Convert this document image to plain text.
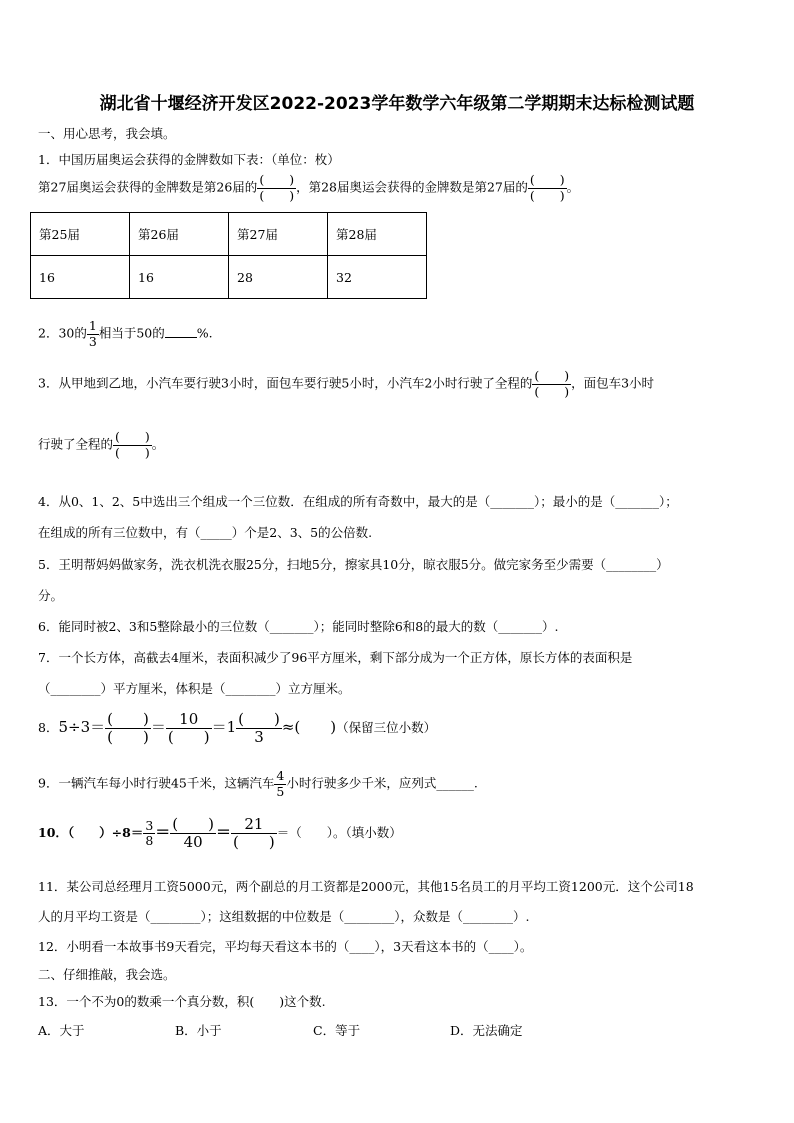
湖北省十堰经济开发区2022-2023学年数学六年级第二学期期末达标检测试题
一、用心思考，我会填。
1．中国历届奥运会获得的金牌数如下表：（单位：枚）
第27届奥运会获得的金牌数是第26届的 $\frac{( )}{( )}$ ，第28届奥运会获得的金牌数是第27届的 $\frac{( )}{( )}$ 。
第25届	第26届	第27届	第28届
16	16	28	32
2．30的 $\frac{1}{3}$ 相当于50的	%.
3．从甲地到乙地，小汽车要行驶3小时，面包车要行驶5小时，小汽车2小时行驶了全程的 $\frac{( )}{( )}$ ，面包车3小时
行驶了全程的 $\frac{( )}{( )}$ 。
4．从0、1、2、5中选出三个组成一个三位数．在组成的所有奇数中，最大的是（_______）；最小的是（_______）；
在组成的所有三位数中，有（_____）个是2、3、5的公倍数.
5．王明帮妈妈做家务，洗衣机洗衣服25分，扫地5分，擦家具10分，晾衣服5分。做完家务至少需要（________）
分。
6．能同时被2、3和5整除最小的三位数（_______）；能同时整除6和8的最大的数（_______）.
7．一个长方体，高截去4厘米，表面积减少了96平方厘米，剩下部分成为一个正方体，原长方体的表面积是
（________）平方厘米，体积是（________）立方厘米。
8．$5\div 3= \frac{( )}{( )} = \frac{10}{( )} =1 \frac{( )}{3}$ ≈(　　)（保留三位小数）
9．一辆汽车每小时行驶45千米，这辆汽车 $\frac{4}{5}$ 小时行驶多少千米，应列式______.
10．（　　）$\div 8= \frac{3}{8} = \frac{( )}{40} = \frac{21}{( )}$ ＝（　　）。（填小数）
11．某公司总经理月工资5000元，两个副总的月工资都是2000元，其他15名员工的月平均工资1200元．这个公司18
人的月平均工资是（________）；这组数据的中位数是（________），众数是（________）.
12．小明看一本故事书9天看完，平均每天看这本书的（____），3天看这本书的（____）。
二、仔细推敲，我会选。
13．一个不为0的数乘一个真分数，积(　　)这个数.
A．大于	B．小于	C．等于	D．无法确定
